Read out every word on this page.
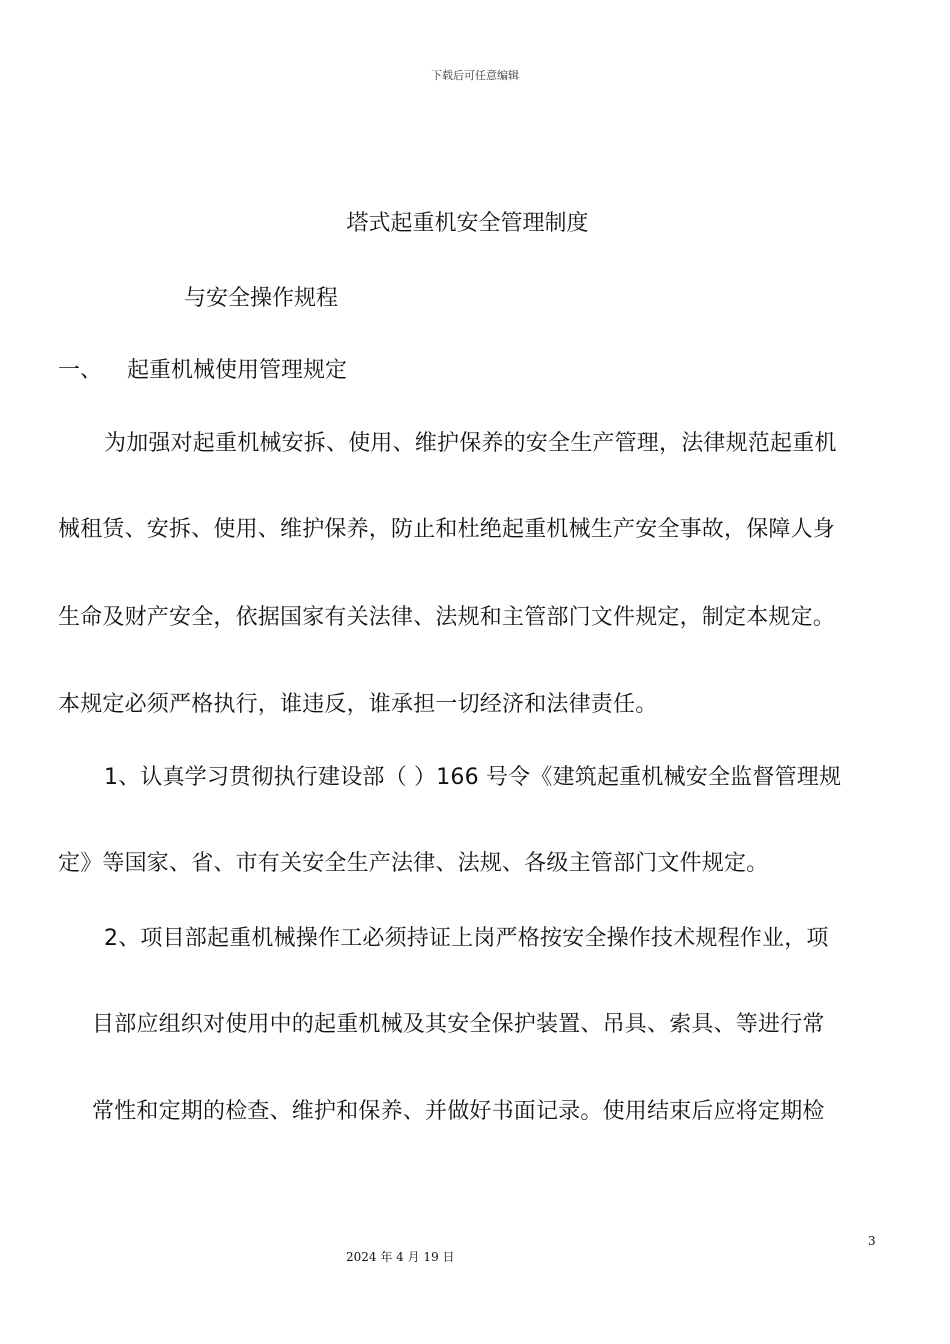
下载后可任意编辑
塔式起重机安全管理制度
与安全操作规程
一、 起重机械使用管理规定
为加强对起重机械安拆、使用、维护保养的安全生产管理，法律规范起重机
械租赁、安拆、使用、维护保养，防止和杜绝起重机械生产安全事故，保障人身
生命及财产安全，依据国家有关法律、法规和主管部门文件规定，制定本规定。
本规定必须严格执行，谁违反，谁承担一切经济和法律责任。
1、认真学习贯彻执行建设部（ ）166 号令《建筑起重机械安全监督管理规
定》等国家、省、市有关安全生产法律、法规、各级主管部门文件规定。
2、项目部起重机械操作工必须持证上岗严格按安全操作技术规程作业，项
目部应组织对使用中的起重机械及其安全保护装置、吊具、索具、等进行常
常性和定期的检查、维护和保养、并做好书面记录。使用结束后应将定期检
3
2024 年 4 月 19 日
